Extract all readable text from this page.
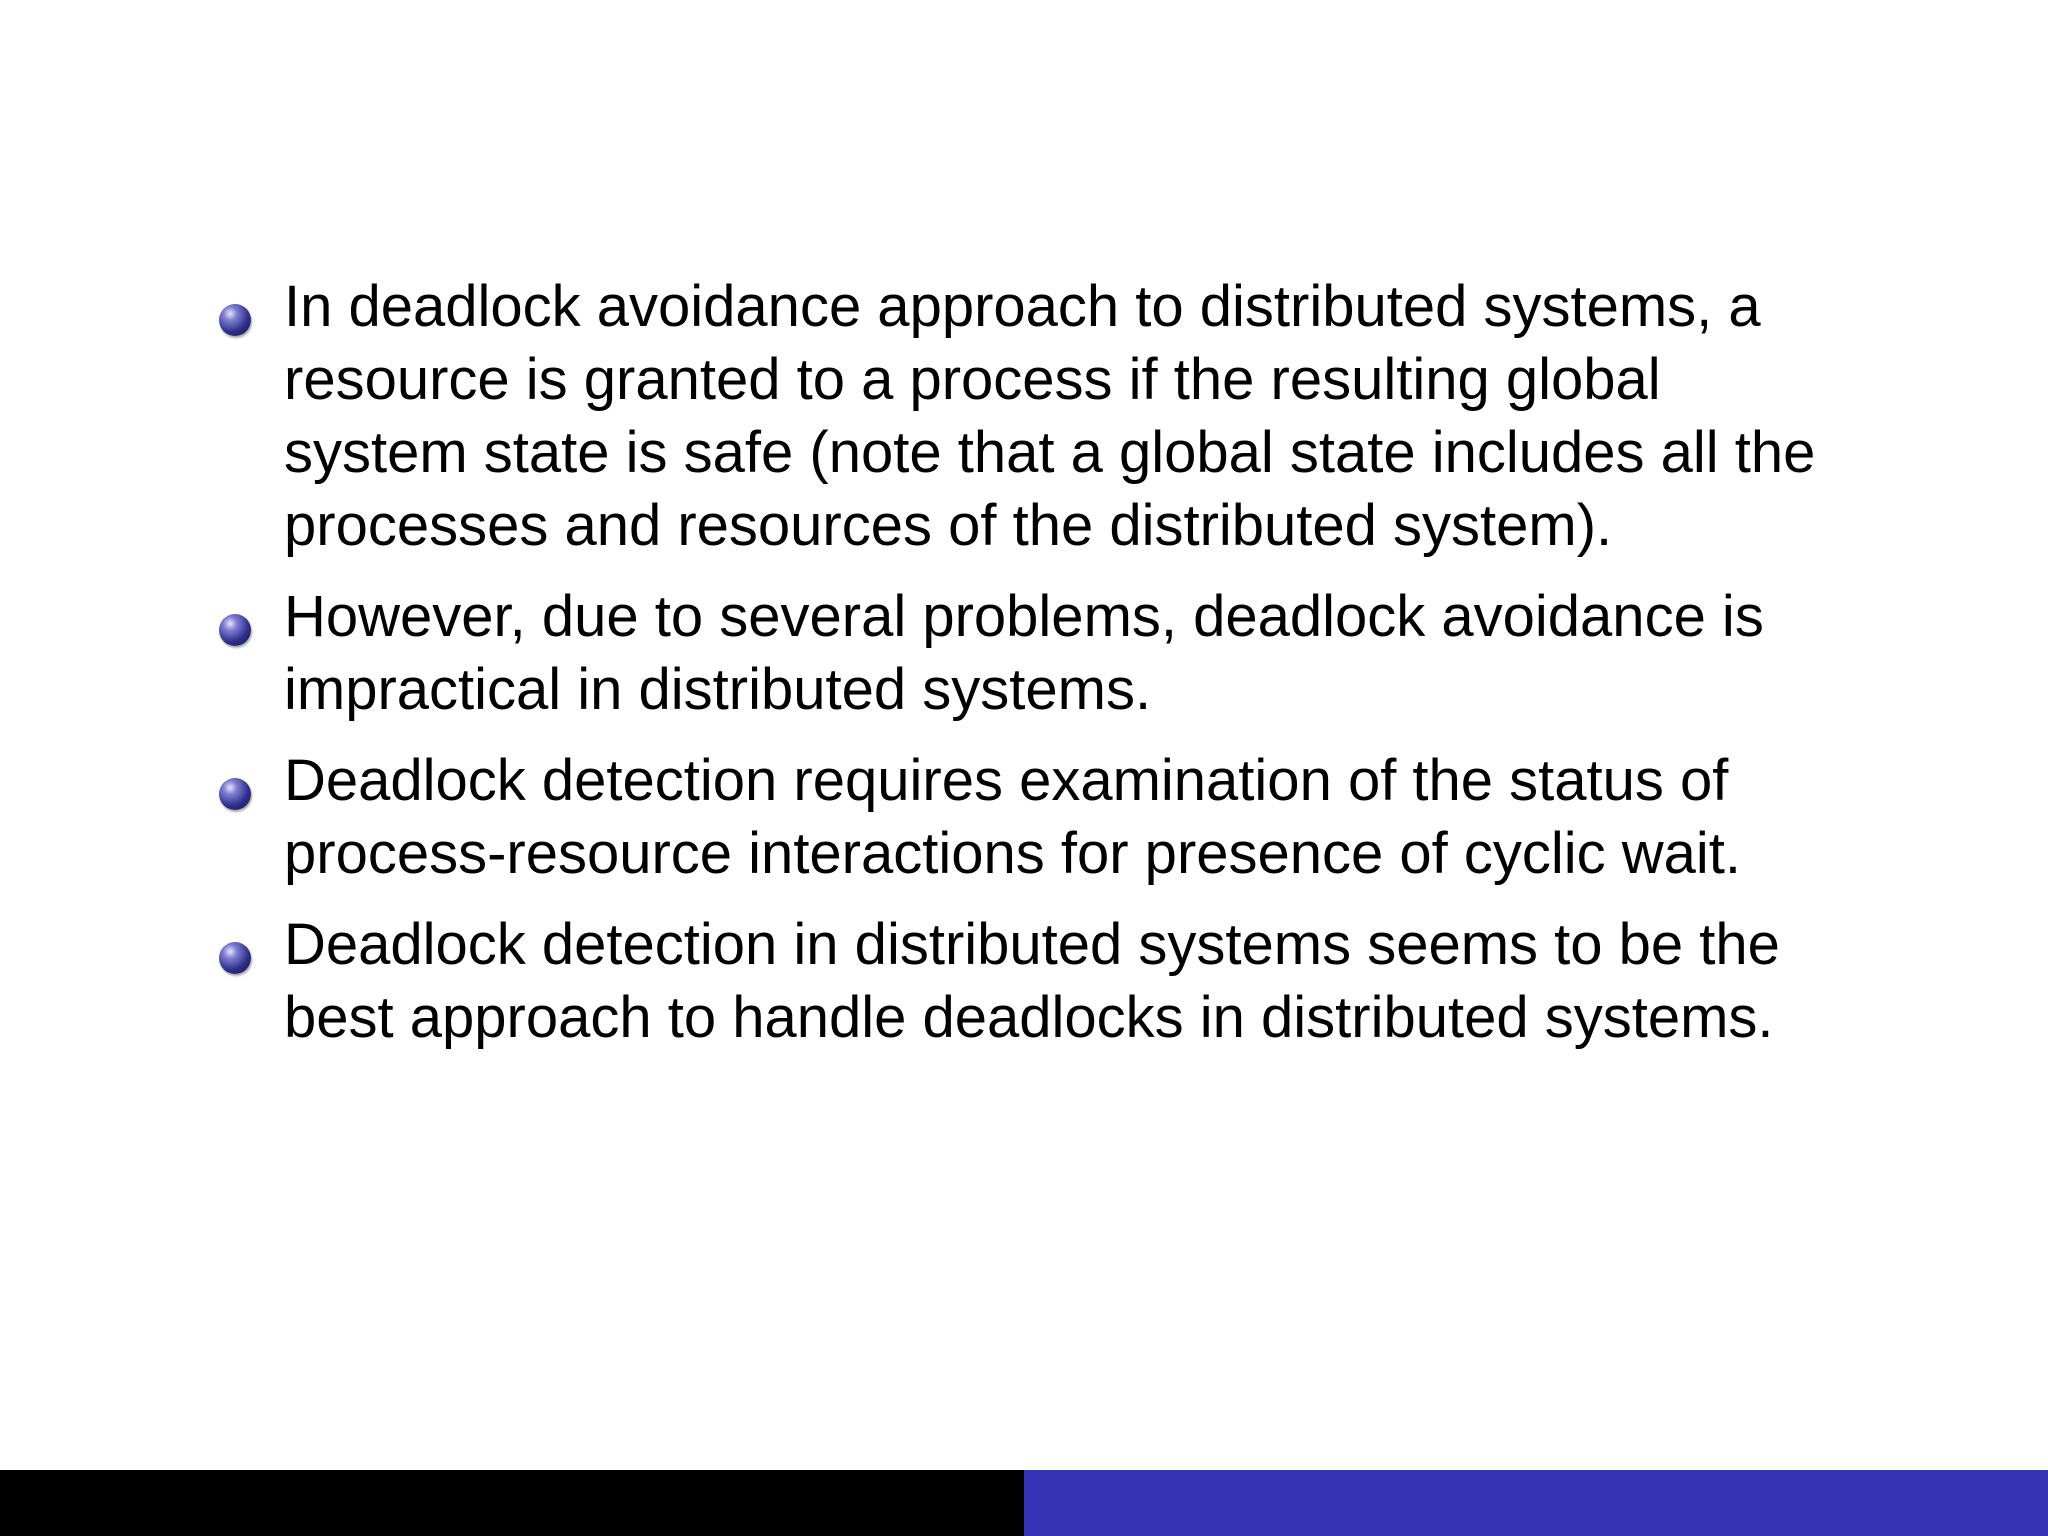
In deadlock avoidance approach to distributed systems, a resource is granted to a process if the resulting global system state is safe (note that a global state includes all the processes and resources of the distributed system).
However, due to several problems, deadlock avoidance is impractical in distributed systems.
Deadlock detection requires examination of the status of process-resource interactions for presence of cyclic wait.
Deadlock detection in distributed systems seems to be the best approach to handle deadlocks in distributed systems.
